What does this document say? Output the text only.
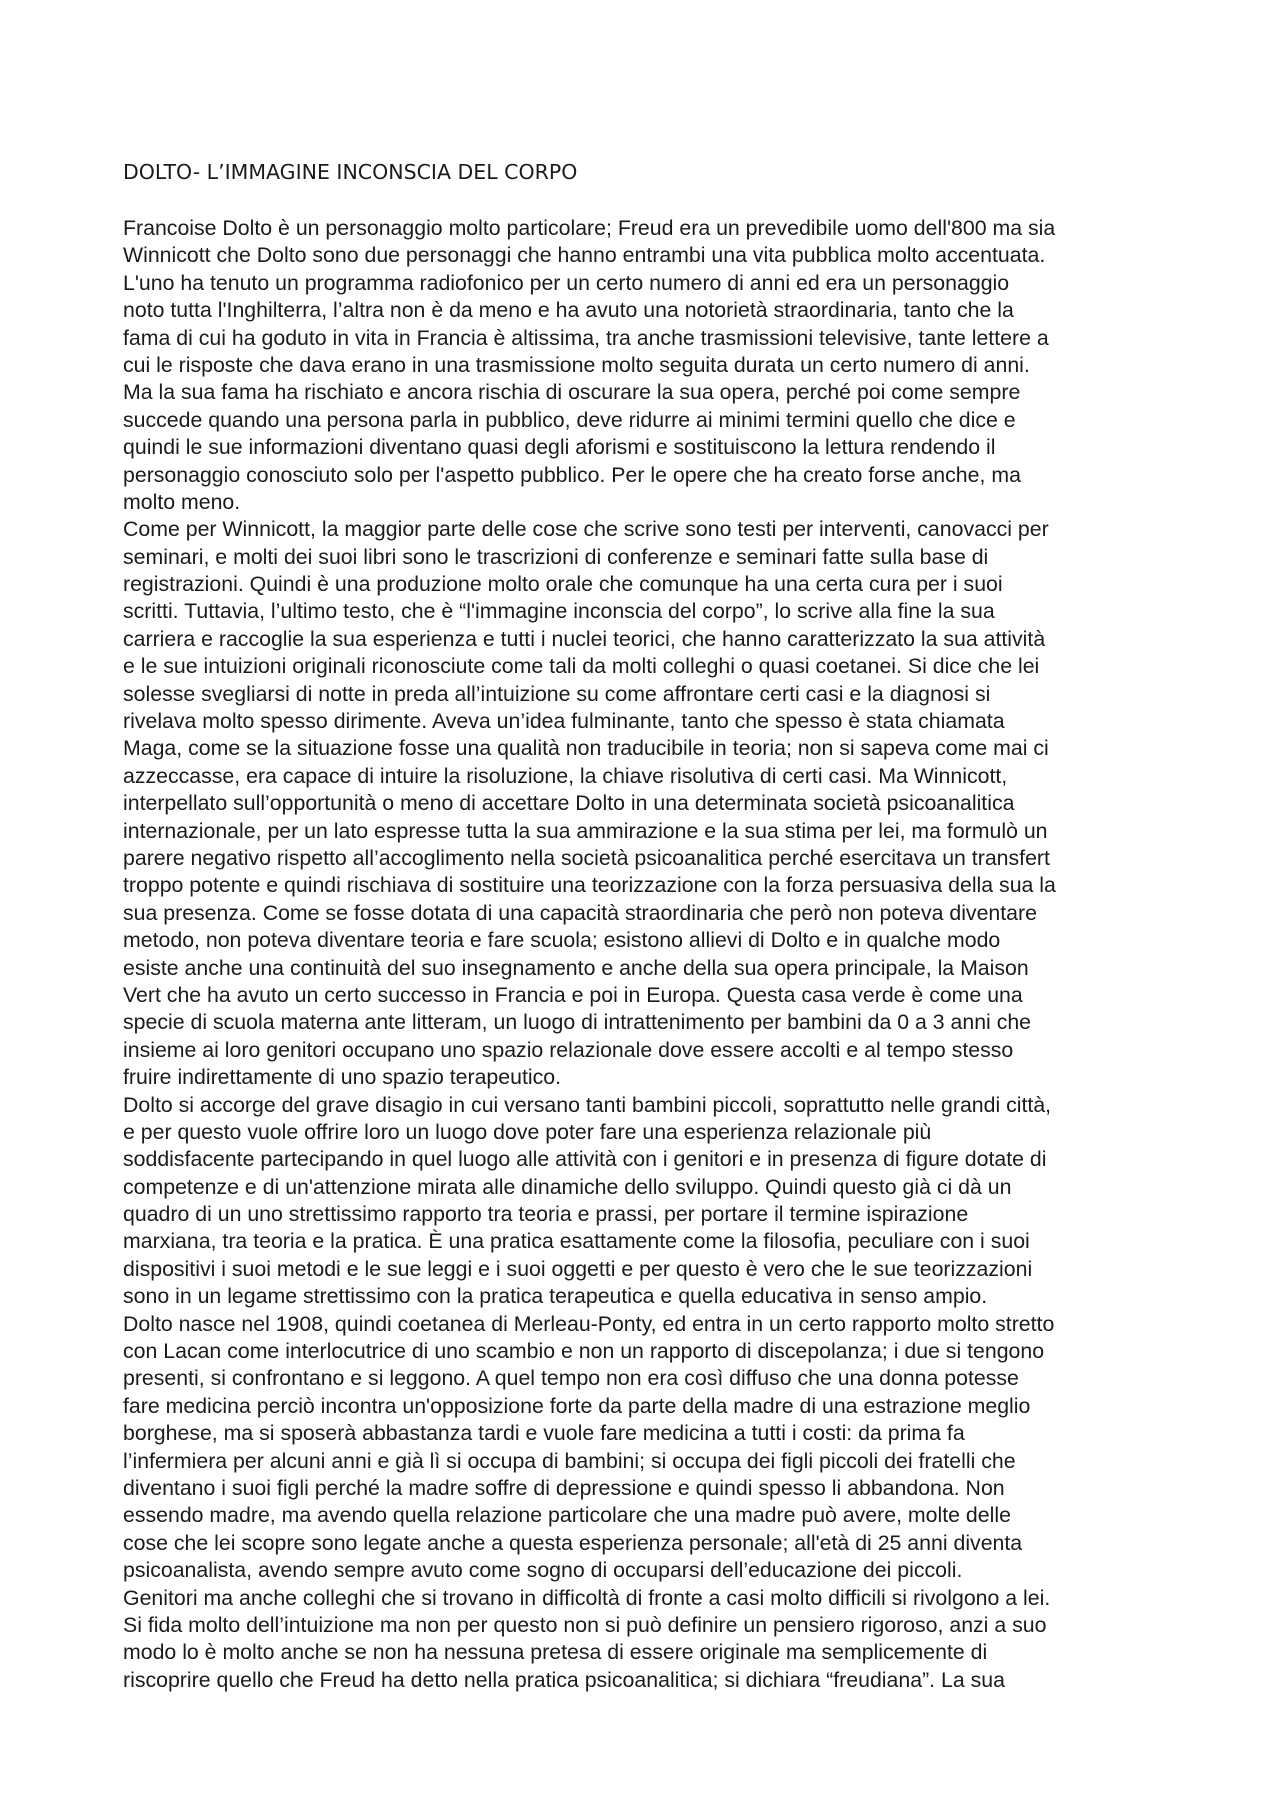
DOLTO- L’IMMAGINE INCONSCIA DEL CORPO
Francoise Dolto è un personaggio molto particolare; Freud era un prevedibile uomo dell'800 ma sia
Winnicott che Dolto sono due personaggi che hanno entrambi una vita pubblica molto accentuata.
L'uno ha tenuto un programma radiofonico per un certo numero di anni ed era un personaggio
noto tutta l'Inghilterra, l’altra non è da meno e ha avuto una notorietà straordinaria, tanto che la
fama di cui ha goduto in vita in Francia è altissima, tra anche trasmissioni televisive, tante lettere a
cui le risposte che dava erano in una trasmissione molto seguita durata un certo numero di anni.
Ma la sua fama ha rischiato e ancora rischia di oscurare la sua opera, perché poi come sempre
succede quando una persona parla in pubblico, deve ridurre ai minimi termini quello che dice e
quindi le sue informazioni diventano quasi degli aforismi e sostituiscono la lettura rendendo il
personaggio conosciuto solo per l'aspetto pubblico. Per le opere che ha creato forse anche, ma
molto meno.
Come per Winnicott, la maggior parte delle cose che scrive sono testi per interventi, canovacci per
seminari, e molti dei suoi libri sono le trascrizioni di conferenze e seminari fatte sulla base di
registrazioni. Quindi è una produzione molto orale che comunque ha una certa cura per i suoi
scritti. Tuttavia, l’ultimo testo, che è “l'immagine inconscia del corpo”, lo scrive alla fine la sua
carriera e raccoglie la sua esperienza e tutti i nuclei teorici, che hanno caratterizzato la sua attività
e le sue intuizioni originali riconosciute come tali da molti colleghi o quasi coetanei. Si dice che lei
solesse svegliarsi di notte in preda all’intuizione su come affrontare certi casi e la diagnosi si
rivelava molto spesso dirimente. Aveva un’idea fulminante, tanto che spesso è stata chiamata
Maga, come se la situazione fosse una qualità non traducibile in teoria; non si sapeva come mai ci
azzeccasse, era capace di intuire la risoluzione, la chiave risolutiva di certi casi. Ma Winnicott,
interpellato sull’opportunità o meno di accettare Dolto in una determinata società psicoanalitica
internazionale, per un lato espresse tutta la sua ammirazione e la sua stima per lei, ma formulò un
parere negativo rispetto all’accoglimento nella società psicoanalitica perché esercitava un transfert
troppo potente e quindi rischiava di sostituire una teorizzazione con la forza persuasiva della sua la
sua presenza. Come se fosse dotata di una capacità straordinaria che però non poteva diventare
metodo, non poteva diventare teoria e fare scuola; esistono allievi di Dolto e in qualche modo
esiste anche una continuità del suo insegnamento e anche della sua opera principale, la Maison
Vert che ha avuto un certo successo in Francia e poi in Europa. Questa casa verde è come una
specie di scuola materna ante litteram, un luogo di intrattenimento per bambini da 0 a 3 anni che
insieme ai loro genitori occupano uno spazio relazionale dove essere accolti e al tempo stesso
fruire indirettamente di uno spazio terapeutico.
Dolto si accorge del grave disagio in cui versano tanti bambini piccoli, soprattutto nelle grandi città,
e per questo vuole offrire loro un luogo dove poter fare una esperienza relazionale più
soddisfacente partecipando in quel luogo alle attività con i genitori e in presenza di figure dotate di
competenze e di un'attenzione mirata alle dinamiche dello sviluppo. Quindi questo già ci dà un
quadro di un uno strettissimo rapporto tra teoria e prassi, per portare il termine ispirazione
marxiana, tra teoria e la pratica. È una pratica esattamente come la filosofia, peculiare con i suoi
dispositivi i suoi metodi e le sue leggi e i suoi oggetti e per questo è vero che le sue teorizzazioni
sono in un legame strettissimo con la pratica terapeutica e quella educativa in senso ampio.
Dolto nasce nel 1908, quindi coetanea di Merleau-Ponty, ed entra in un certo rapporto molto stretto
con Lacan come interlocutrice di uno scambio e non un rapporto di discepolanza; i due si tengono
presenti, si confrontano e si leggono. A quel tempo non era così diffuso che una donna potesse
fare medicina perciò incontra un'opposizione forte da parte della madre di una estrazione meglio
borghese, ma si sposerà abbastanza tardi e vuole fare medicina a tutti i costi: da prima fa
l’infermiera per alcuni anni e già lì si occupa di bambini; si occupa dei figli piccoli dei fratelli che
diventano i suoi figli perché la madre soffre di depressione e quindi spesso li abbandona. Non
essendo madre, ma avendo quella relazione particolare che una madre può avere, molte delle
cose che lei scopre sono legate anche a questa esperienza personale; all'età di 25 anni diventa
psicoanalista, avendo sempre avuto come sogno di occuparsi dell’educazione dei piccoli.
Genitori ma anche colleghi che si trovano in difficoltà di fronte a casi molto difficili si rivolgono a lei.
Si fida molto dell’intuizione ma non per questo non si può definire un pensiero rigoroso, anzi a suo
modo lo è molto anche se non ha nessuna pretesa di essere originale ma semplicemente di
riscoprire quello che Freud ha detto nella pratica psicoanalitica; si dichiara “freudiana”. La sua
